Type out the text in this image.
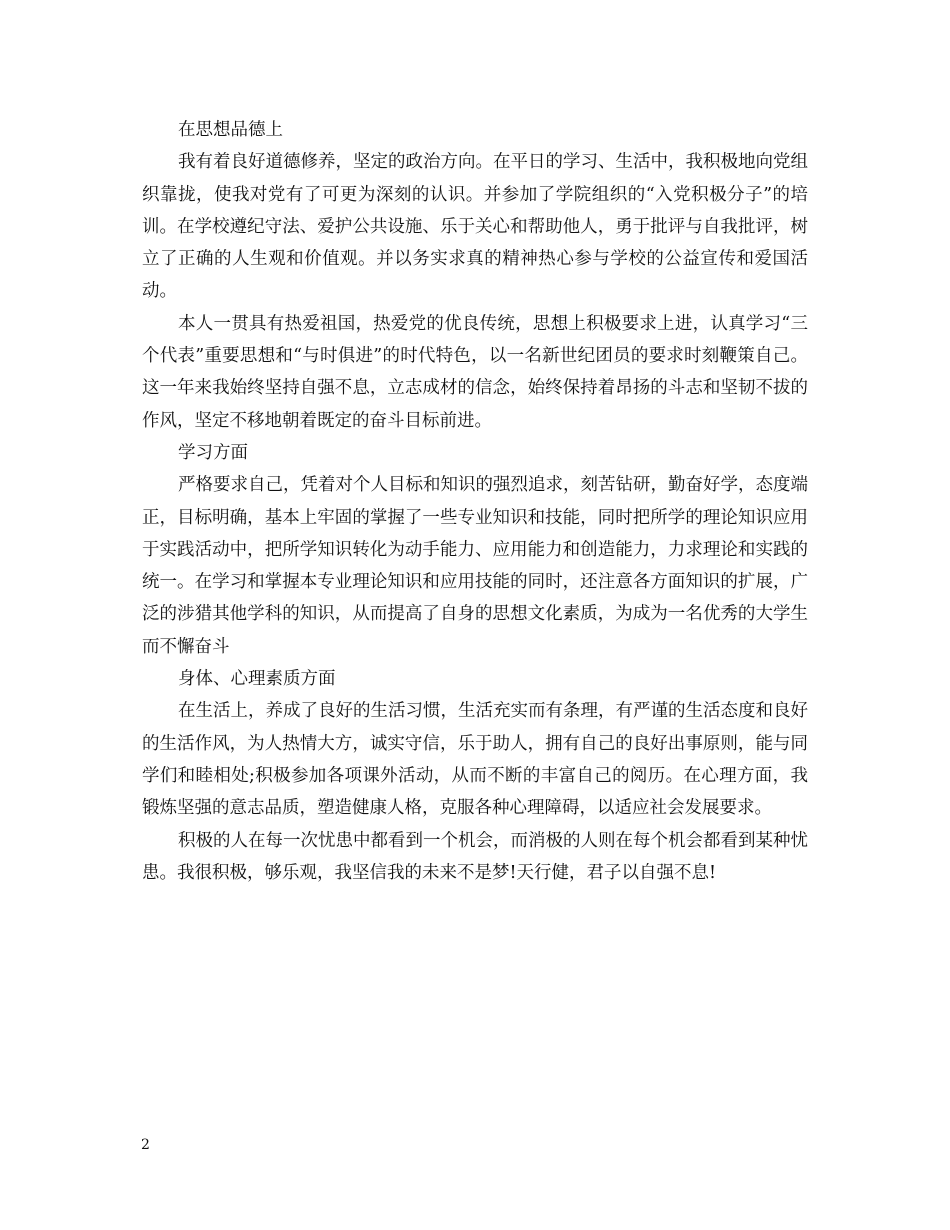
在思想品德上

我有着良好道德修养，坚定的政治方向。在平日的学习、生活中，我积极地向党组织靠拢，使我对党有了可更为深刻的认识。并参加了学院组织的“入党积极分子”的培训。在学校遵纪守法、爱护公共设施、乐于关心和帮助他人，勇于批评与自我批评，树立了正确的人生观和价值观。并以务实求真的精神热心参与学校的公益宣传和爱国活动。

本人一贯具有热爱祖国，热爱党的优良传统，思想上积极要求上进，认真学习“三个代表”重要思想和“与时俱进”的时代特色，以一名新世纪团员的要求时刻鞭策自己。这一年来我始终坚持自强不息，立志成材的信念，始终保持着昂扬的斗志和坚韧不拔的作风，坚定不移地朝着既定的奋斗目标前进。

学习方面

严格要求自己，凭着对个人目标和知识的强烈追求，刻苦钻研，勤奋好学，态度端正，目标明确，基本上牢固的掌握了一些专业知识和技能，同时把所学的理论知识应用于实践活动中，把所学知识转化为动手能力、应用能力和创造能力，力求理论和实践的统一。在学习和掌握本专业理论知识和应用技能的同时，还注意各方面知识的扩展，广泛的涉猎其他学科的知识，从而提高了自身的思想文化素质，为成为一名优秀的大学生而不懈奋斗

身体、心理素质方面

在生活上，养成了良好的生活习惯，生活充实而有条理，有严谨的生活态度和良好的生活作风，为人热情大方，诚实守信，乐于助人，拥有自己的良好出事原则，能与同学们和睦相处;积极参加各项课外活动，从而不断的丰富自己的阅历。在心理方面，我锻炼坚强的意志品质，塑造健康人格，克服各种心理障碍，以适应社会发展要求。

积极的人在每一次忧患中都看到一个机会，而消极的人则在每个机会都看到某种忧患。我很积极，够乐观，我坚信我的未来不是梦!天行健，君子以自强不息!

2
